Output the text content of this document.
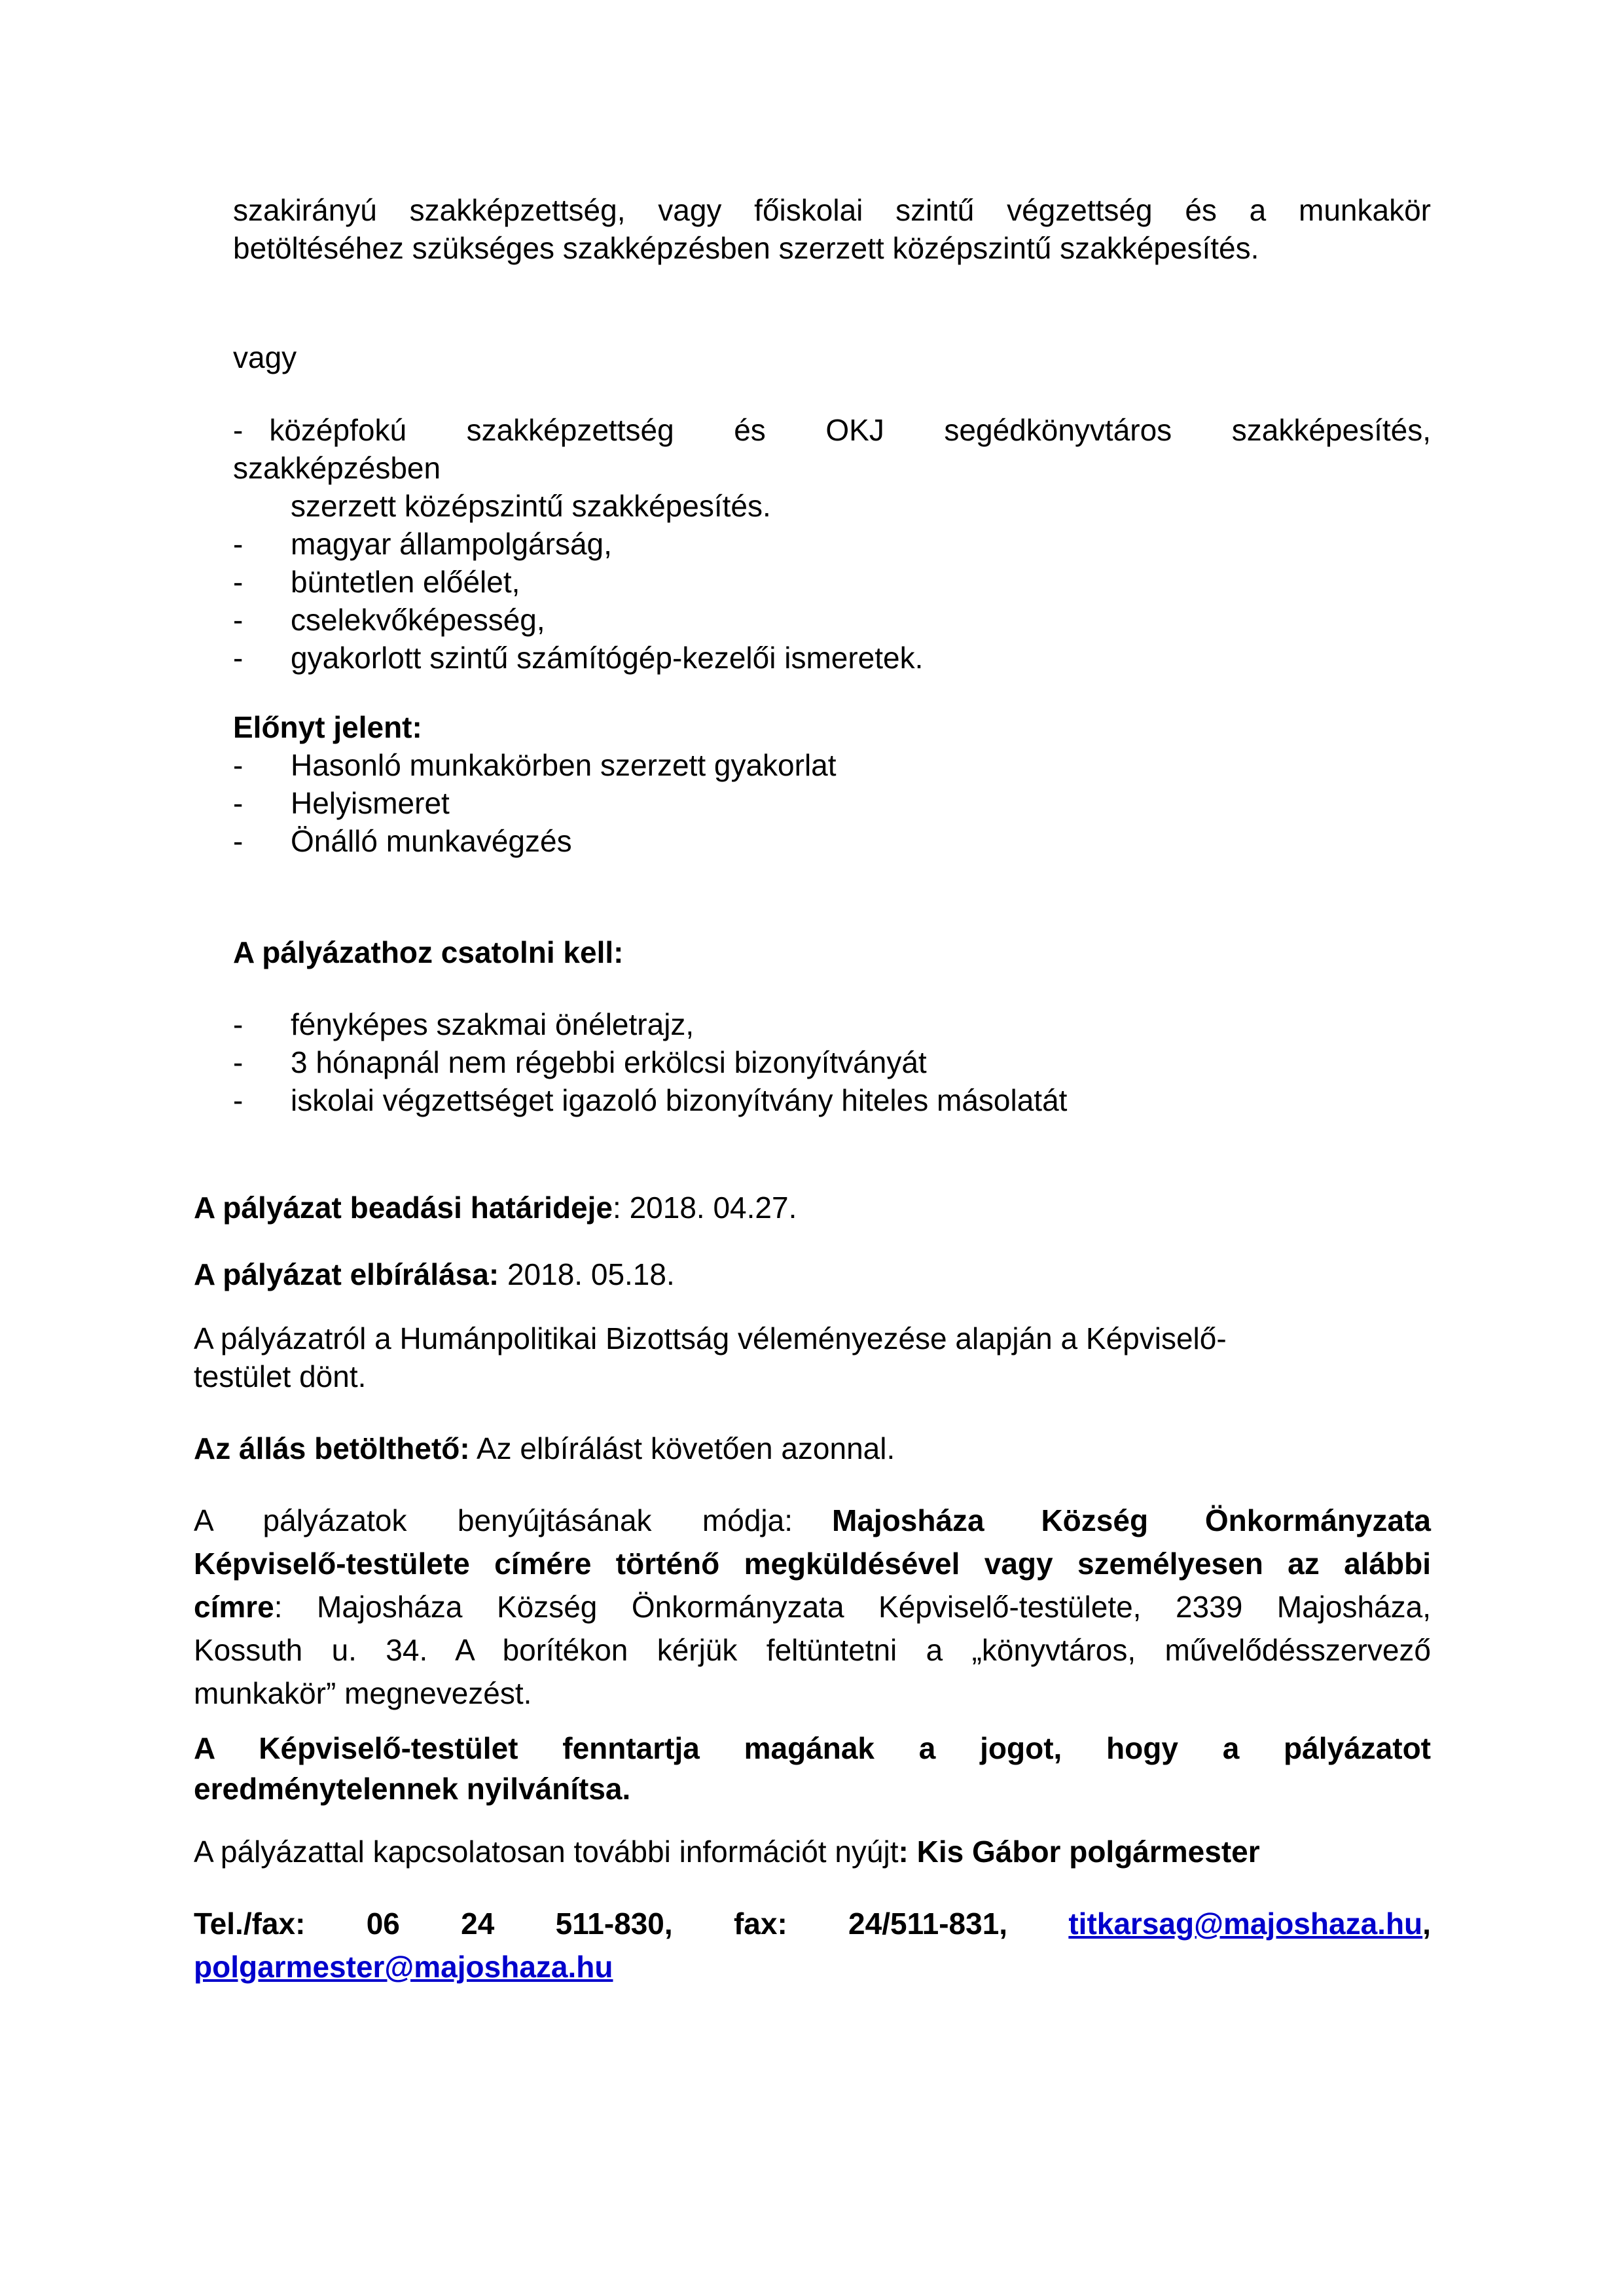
szakirányú szakképzettség, vagy főiskolai szintű végzettség és a munkakör
betöltéséhez szükséges szakképzésben szerzett középszintű szakképesítés.
vagy
- középfokú szakképzettség és OKJ segédkönyvtáros szakképesítés,
szakképzésben
szerzett középszintű szakképesítés.
- magyar állampolgárság,
- büntetlen előélet,
- cselekvőképesség,
- gyakorlott szintű számítógép-kezelői ismeretek.
Előnyt jelent:
- Hasonló munkakörben szerzett gyakorlat
- Helyismeret
- Önálló munkavégzés
A pályázathoz csatolni kell:
- fényképes szakmai önéletrajz,
- 3 hónapnál nem régebbi erkölcsi bizonyítványát
- iskolai végzettséget igazoló bizonyítvány hiteles másolatát
A pályázat beadási határideje: 2018. 04.27.
A pályázat elbírálása: 2018. 05.18.
A pályázatról a Humánpolitikai Bizottság véleményezése alapján a Képviselő-
testület dönt.
Az állás betölthető: Az elbírálást követően azonnal.
A pályázatok benyújtásának módja: Majosháza Község Önkormányzata
Képviselő-testülete címére történő megküldésével vagy személyesen az alábbi
címre : Majosháza Község Önkormányzata Képviselő-testülete, 2339 Majosháza,
Kossuth u. 34. A borítékon kérjük feltüntetni a „könyvtáros, művelődésszervező
munkakör” megnevezést.
A Képviselő-testület fenntartja magának a jogot, hogy a pályázatot
eredménytelennek nyilvánítsa.
A pályázattal kapcsolatosan további információt nyújt: Kis Gábor polgármester
Tel./fax: 06 24 511-830, fax: 24/511-831, titkarsag@majoshaza.hu,
polgarmester@majoshaza.hu
